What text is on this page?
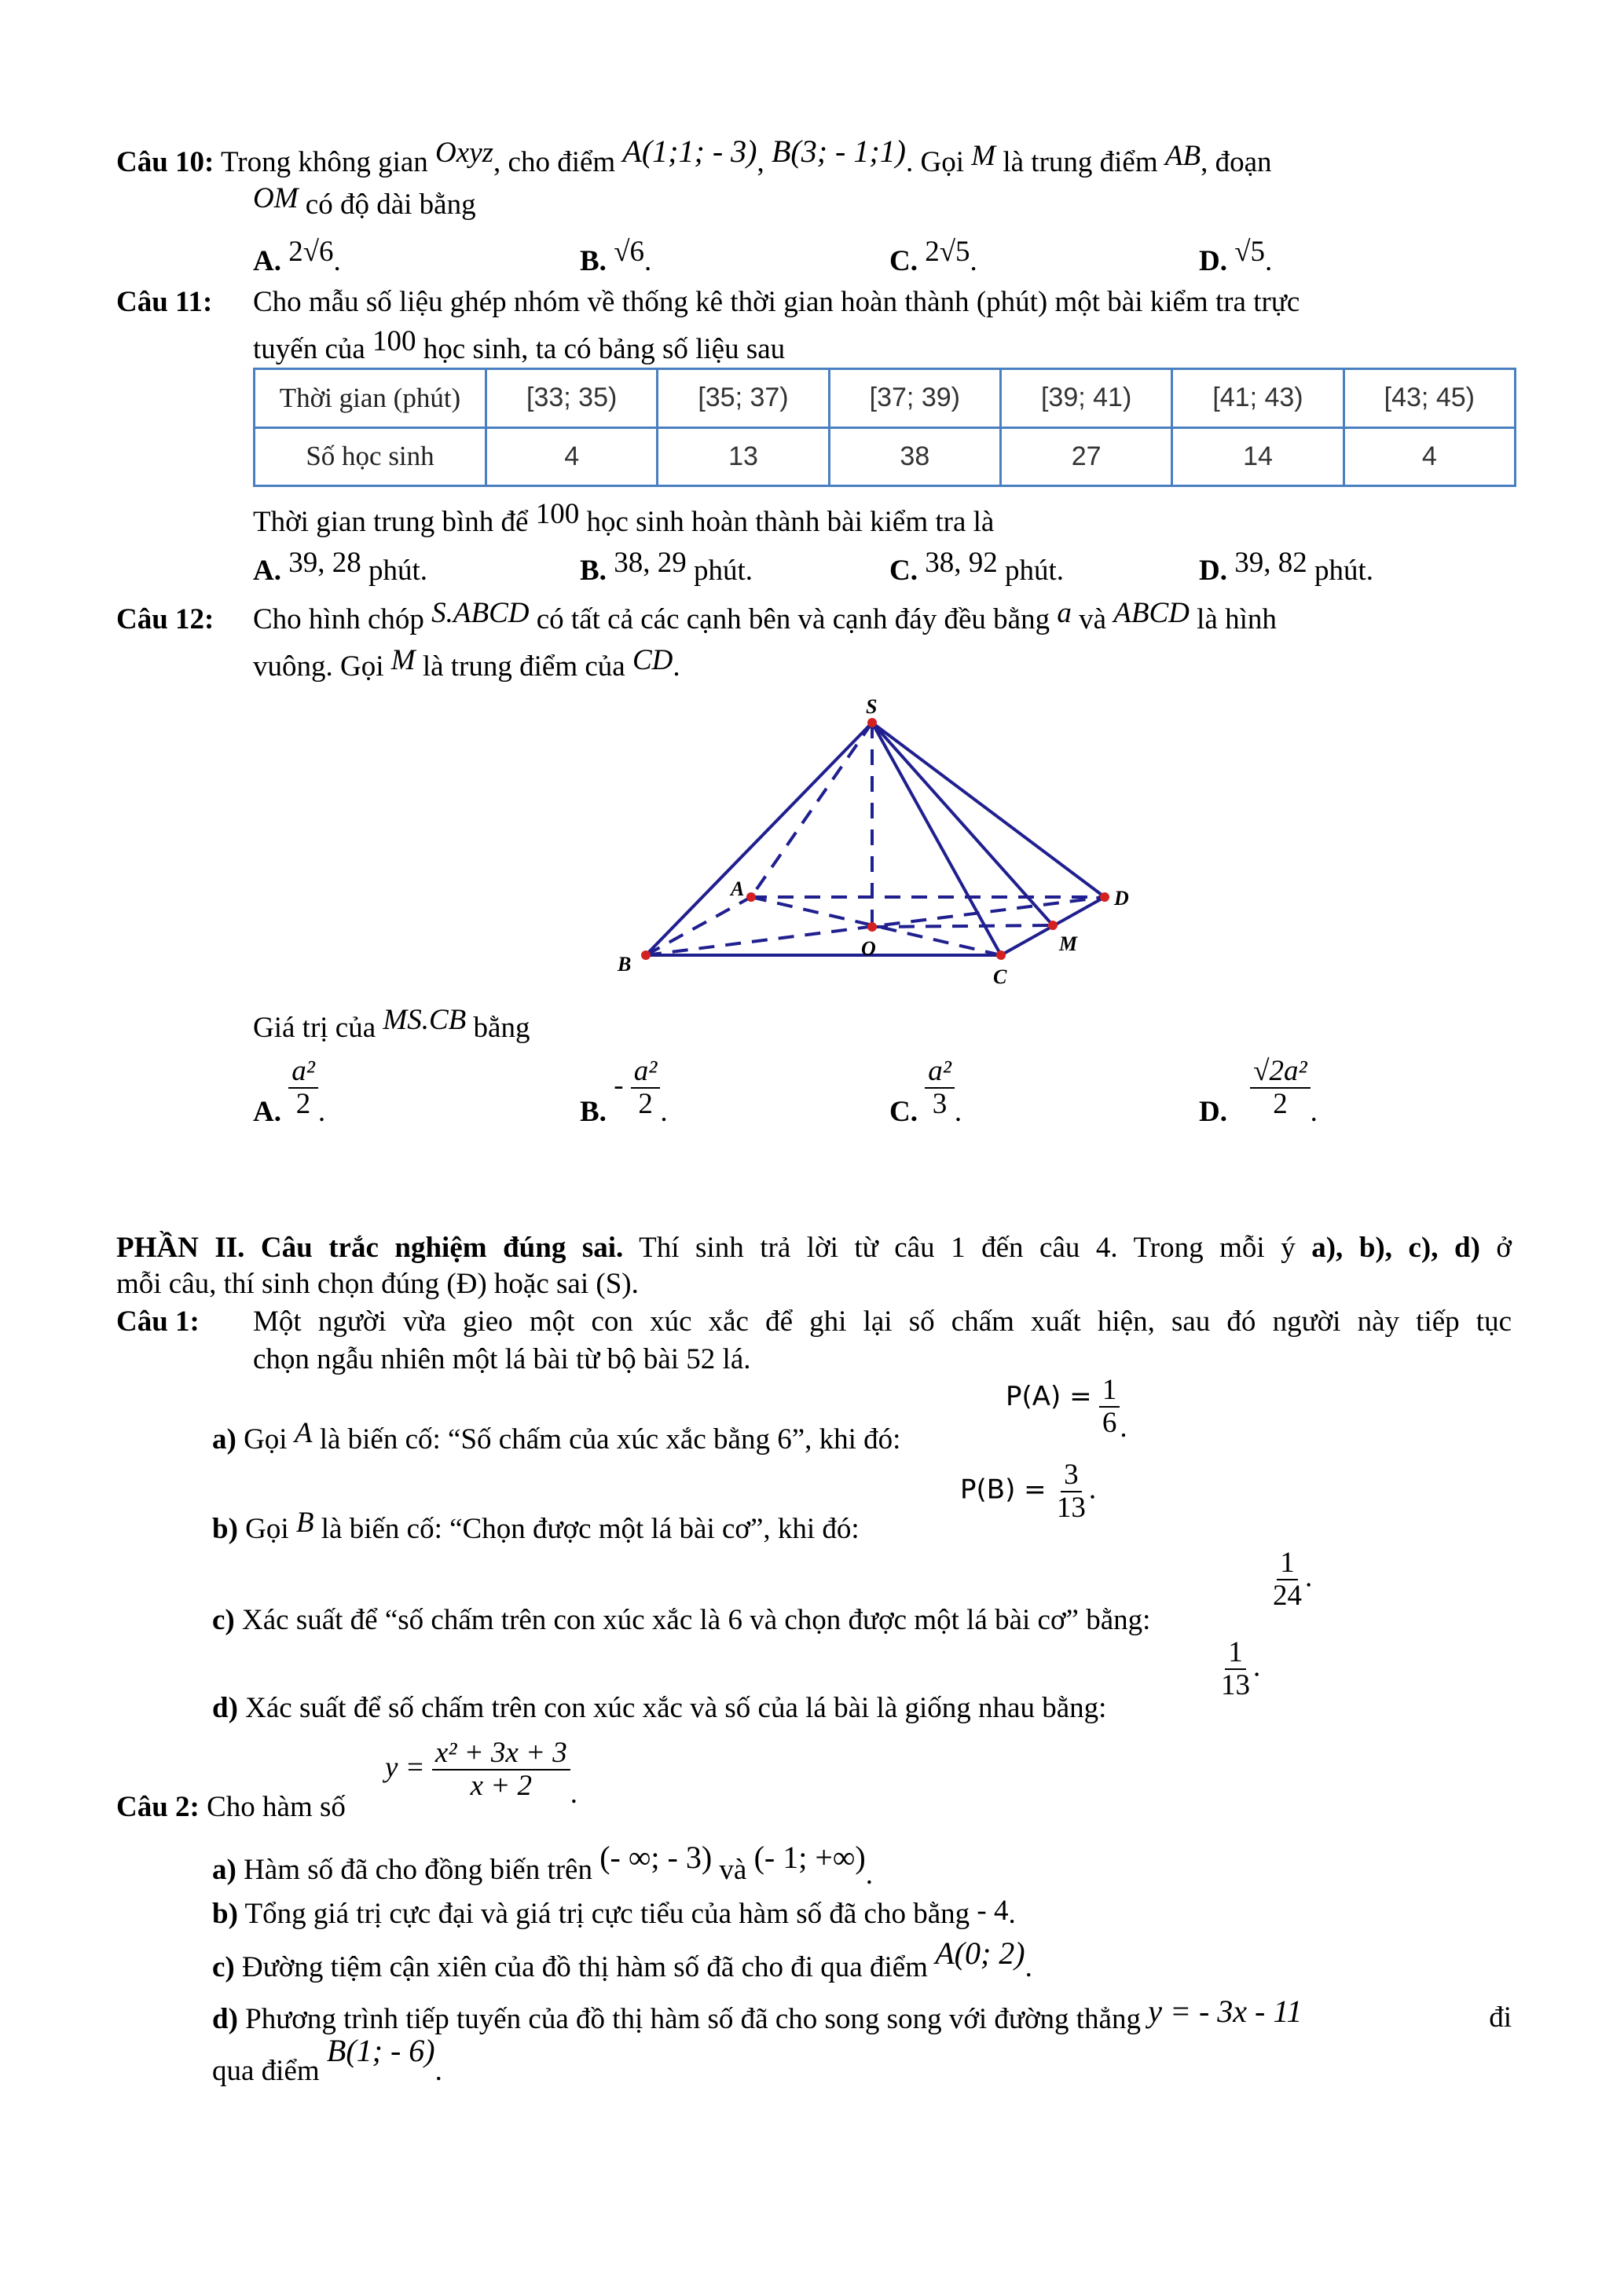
Câu 10: Trong không gian Oxyz, cho điểm A(1;1; - 3), B(3; - 1;1). Gọi M là trung điểm AB, đoạn
OM có độ dài bằng
A. 2√6.	B. √6.	C. 2√5.	D. √5.
Câu 11: Cho mẫu số liệu ghép nhóm về thống kê thời gian hoàn thành (phút) một bài kiểm tra trực
tuyến của 100 học sinh, ta có bảng số liệu sau
Thời gian (phút)	[33; 35)	[35; 37)	[37; 39)	[39; 41)	[41; 43)	[43; 45)
Số học sinh	4	13	38	27	14	4
Thời gian trung bình để 100 học sinh hoàn thành bài kiểm tra là
A. 39, 28 phút.	B. 38, 29 phút.	C. 38, 92 phút.	D. 39, 82 phút.
Câu 12: Cho hình chóp S.ABCD có tất cả các cạnh bên và cạnh đáy đều bằng a và ABCD là hình
vuông. Gọi M là trung điểm của CD.
S
A	D
O	M
B
C
Giá trị của MS.CB bằng
A. $\frac{\text{a²}}{2}$ .	B. - $\frac{\text{a²}}{2}$ .	C. $\frac{\text{a²}}{3}$ .	D. $\frac{\text{√2a²}}{2}$ .
PHẦN II. Câu trắc nghiệm đúng sai. Thí sinh trả lời từ câu 1 đến câu 4. Trong mỗi ý a), b), c), d) ở
mỗi câu, thí sinh chọn đúng (Đ) hoặc sai (S).
Câu 1: Một người vừa gieo một con xúc xắc để ghi lại số chấm xuất hiện, sau đó người này tiếp tục
chọn ngẫu nhiên một lá bài từ bộ bài 52 lá.
a) Gọi A là biến cố: “Số chấm của xúc xắc bằng 6”, khi đó:
$P(A) = \frac{1}{6}$ .
b) Gọi B là biến cố: “Chọn được một lá bài cơ”, khi đó:
$P(B) = \frac{3}{13}$ .
c) Xác suất để “số chấm trên con xúc xắc là 6 và chọn được một lá bài cơ” bằng:
$\frac{1}{24}$ .
d) Xác suất để số chấm trên con xúc xắc và số của lá bài là giống nhau bằng:
$\frac{1}{13}$ .
Câu 2: Cho hàm số
$y = \frac{\text{x² + 3x + 3}}{x + 2}$ .
a) Hàm số đã cho đồng biến trên (- ∞; - 3) và (- 1; +∞).
b) Tổng giá trị cực đại và giá trị cực tiểu của hàm số đã cho bằng - 4.
c) Đường tiệm cận xiên của đồ thị hàm số đã cho đi qua điểm A(0; 2).
d) Phương trình tiếp tuyến của đồ thị hàm số đã cho song song với đường thẳng y = - 3x - 11	đi
qua điểm B(1; - 6).
